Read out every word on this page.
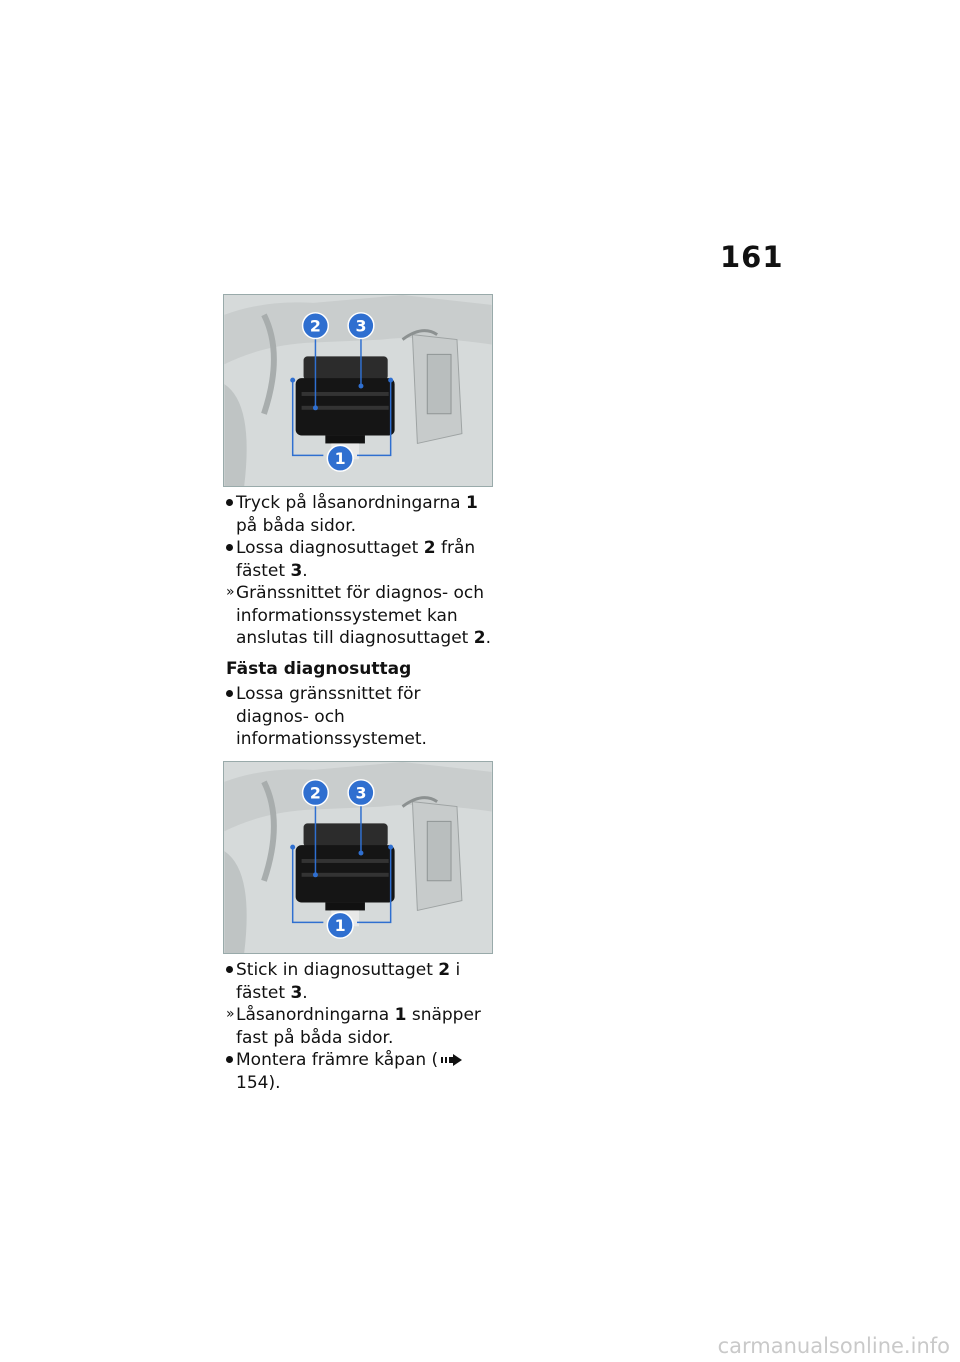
161
2 3
1
Tryck på låsanordningarna 1 på båda sidor.
Lossa diagnosuttaget 2 från fästet 3.
» Gränssnittet för diagnos- och informationssystemet kan anslutas till diagnosuttaget 2.
Fästa diagnosuttag
Lossa gränssnittet för diagnos- och informationssystemet.
2 3
1
Stick in diagnosuttaget 2 i fästet 3.
» Låsanordningarna 1 snäpper fast på båda sidor.
Montera främre kåpan (154).
carmanualsonline.info
